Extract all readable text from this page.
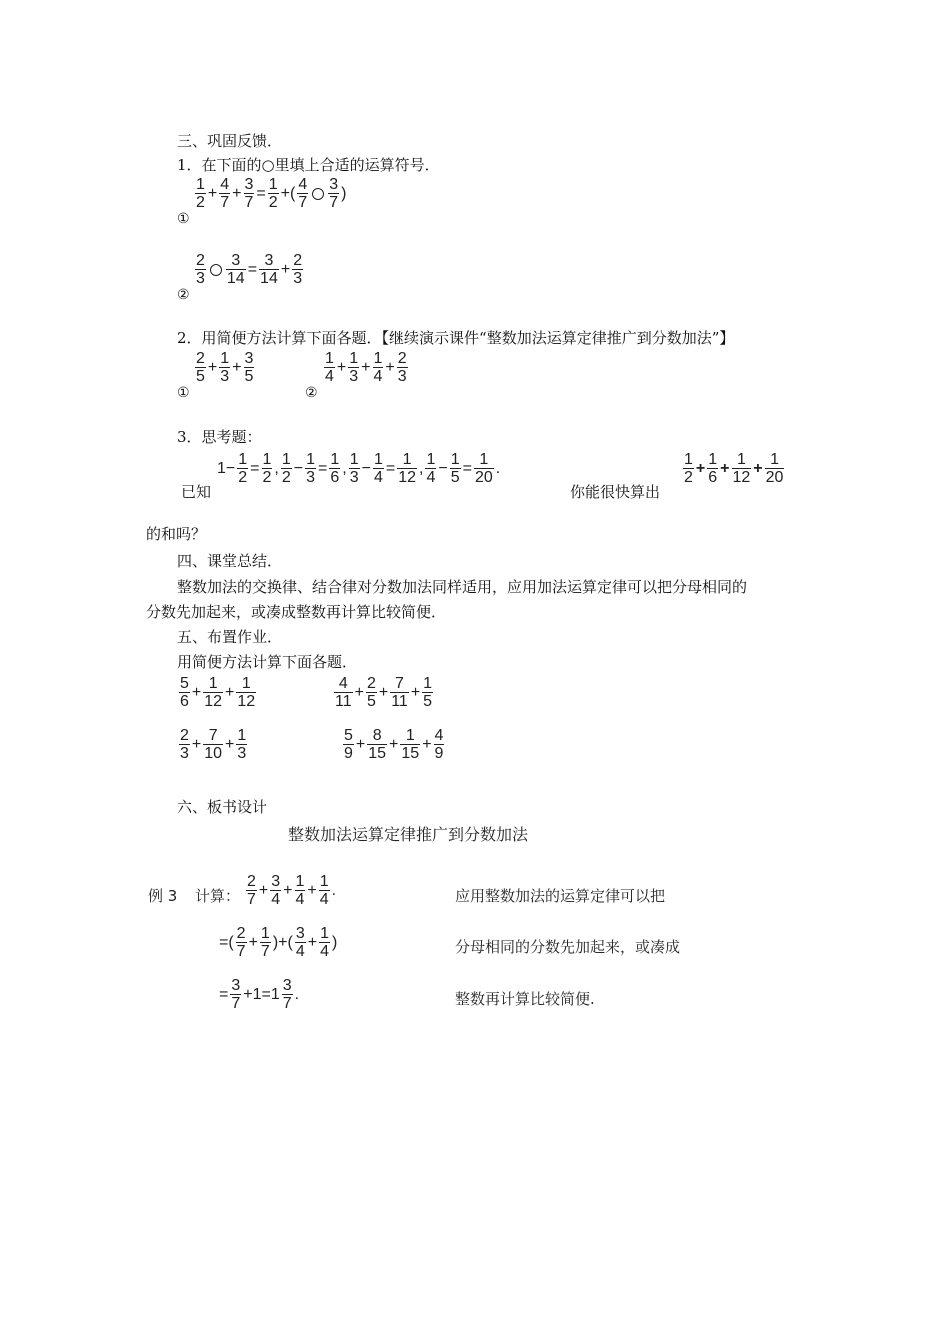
三、巩固反馈．
1．在下面的○里填上合适的运算符号．
①
$\frac{1}{2} + \frac{4}{7} + \frac{3}{7} = \frac{1}{2}$ +( $\frac{4}{7} \frac{3}{7}$ )
②
$\frac{2}{3} \frac{3}{14} = \frac{3}{14} + \frac{2}{3}$
2．用简便方法计算下面各题．【继续演示课件“整数加法运算定律推广到分数加法”】
①
$\frac{2}{5} + \frac{1}{3} + \frac{3}{5}$
②
$\frac{1}{4} + \frac{1}{3} + \frac{1}{4} + \frac{2}{3}$
3．思考题：
已知
$1- \frac{1}{2} = \frac{1}{2}$ , $\frac{1}{2} - \frac{1}{3} = \frac{1}{6}$ , $\frac{1}{3} - \frac{1}{4} = \frac{1}{12}$ , $\frac{1}{4} - \frac{1}{5} = \frac{1}{20}$ .
你能很快算出
$\frac{1}{2} + \frac{1}{6} + \frac{1}{12} + \frac{1}{20}$
的和吗？
四、课堂总结．
整数加法的交换律、结合律对分数加法同样适用，应用加法运算定律可以把分母相同的
分数先加起来，或凑成整数再计算比较简便．
五、布置作业．
用简便方法计算下面各题．
$\frac{5}{6} + \frac{1}{12} + \frac{1}{12}$	$\frac{4}{11} + \frac{2}{5} + \frac{7}{11} + \frac{1}{5}$
$\frac{2}{3} + \frac{7}{10} + \frac{1}{3}$	$\frac{5}{9} + \frac{8}{15} + \frac{1}{15} + \frac{4}{9}$
六、板书设计
整数加法运算定律推广到分数加法
例 3 计算： $\frac{2}{7} + \frac{3}{4} + \frac{1}{4} + \frac{1}{4}$ .
=( $\frac{2}{7} + \frac{1}{7}$ )+( $\frac{3}{4} + \frac{1}{4}$ )
= $\frac{3}{7} +1=1 \frac{3}{7}$ .
应用整数加法的运算定律可以把
分母相同的分数先加起来，或凑成
整数再计算比较简便.
